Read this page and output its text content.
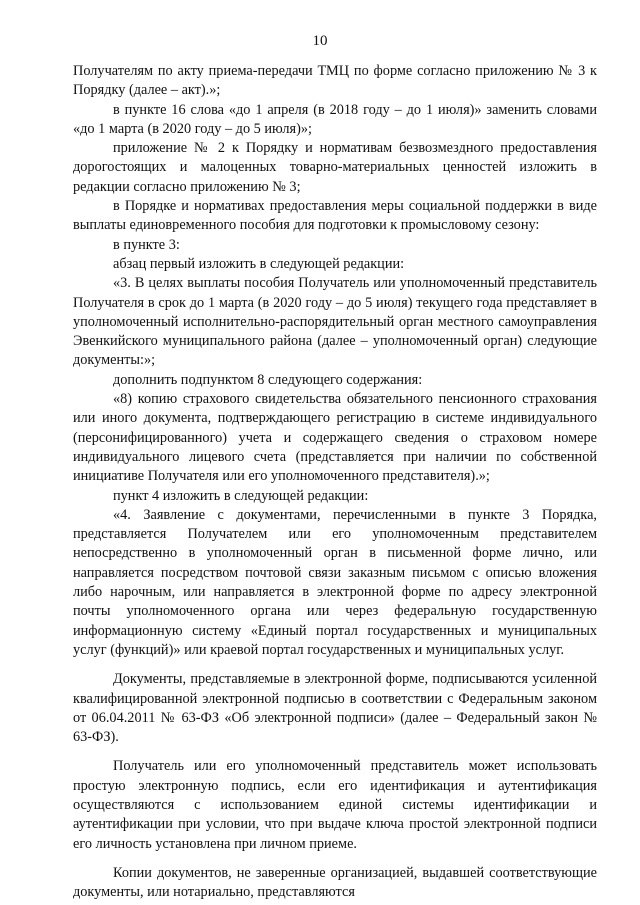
10

Получателям по акту приема-передачи ТМЦ по форме согласно приложению № 3 к Порядку (далее – акт).»;

в пункте 16 слова «до 1 апреля (в 2018 году – до 1 июля)» заменить словами «до 1 марта (в 2020 году – до 5 июля)»;

приложение № 2 к Порядку и нормативам безвозмездного предоставления дорогостоящих и малоценных товарно-материальных ценностей изложить в редакции согласно приложению № 3;

в Порядке и нормативах предоставления меры социальной поддержки в виде выплаты единовременного пособия для подготовки к промысловому сезону:

в пункте 3:

абзац первый изложить в следующей редакции:

«3. В целях выплаты пособия Получатель или уполномоченный представитель Получателя в срок до 1 марта (в 2020 году – до 5 июля) текущего года представляет в уполномоченный исполнительно-распорядительный орган местного самоуправления Эвенкийского муниципального района (далее – уполномоченный орган) следующие документы:»;

дополнить подпунктом 8 следующего содержания:

«8) копию страхового свидетельства обязательного пенсионного страхования или иного документа, подтверждающего регистрацию в системе индивидуального (персонифицированного) учета и содержащего сведения о страховом номере индивидуального лицевого счета (представляется при наличии по собственной инициативе Получателя или его уполномоченного представителя).»;

пункт 4 изложить в следующей редакции:

«4. Заявление с документами, перечисленными в пункте 3 Порядка, представляется Получателем или его уполномоченным представителем непосредственно в уполномоченный орган в письменной форме лично, или направляется посредством почтовой связи заказным письмом с описью вложения либо нарочным, или направляется в электронной форме по адресу электронной почты уполномоченного органа или через федеральную государственную информационную систему «Единый портал государственных и муниципальных услуг (функций)» или краевой портал государственных и муниципальных услуг.

Документы, представляемые в электронной форме, подписываются усиленной квалифицированной электронной подписью в соответствии с Федеральным законом от 06.04.2011 № 63-ФЗ «Об электронной подписи» (далее – Федеральный закон № 63-ФЗ).

Получатель или его уполномоченный представитель может использовать простую электронную подпись, если его идентификация и аутентификация осуществляются с использованием единой системы идентификации и аутентификации при условии, что при выдаче ключа простой электронной подписи его личность установлена при личном приеме.

Копии документов, не заверенные организацией, выдавшей соответствующие документы, или нотариально, представляются
